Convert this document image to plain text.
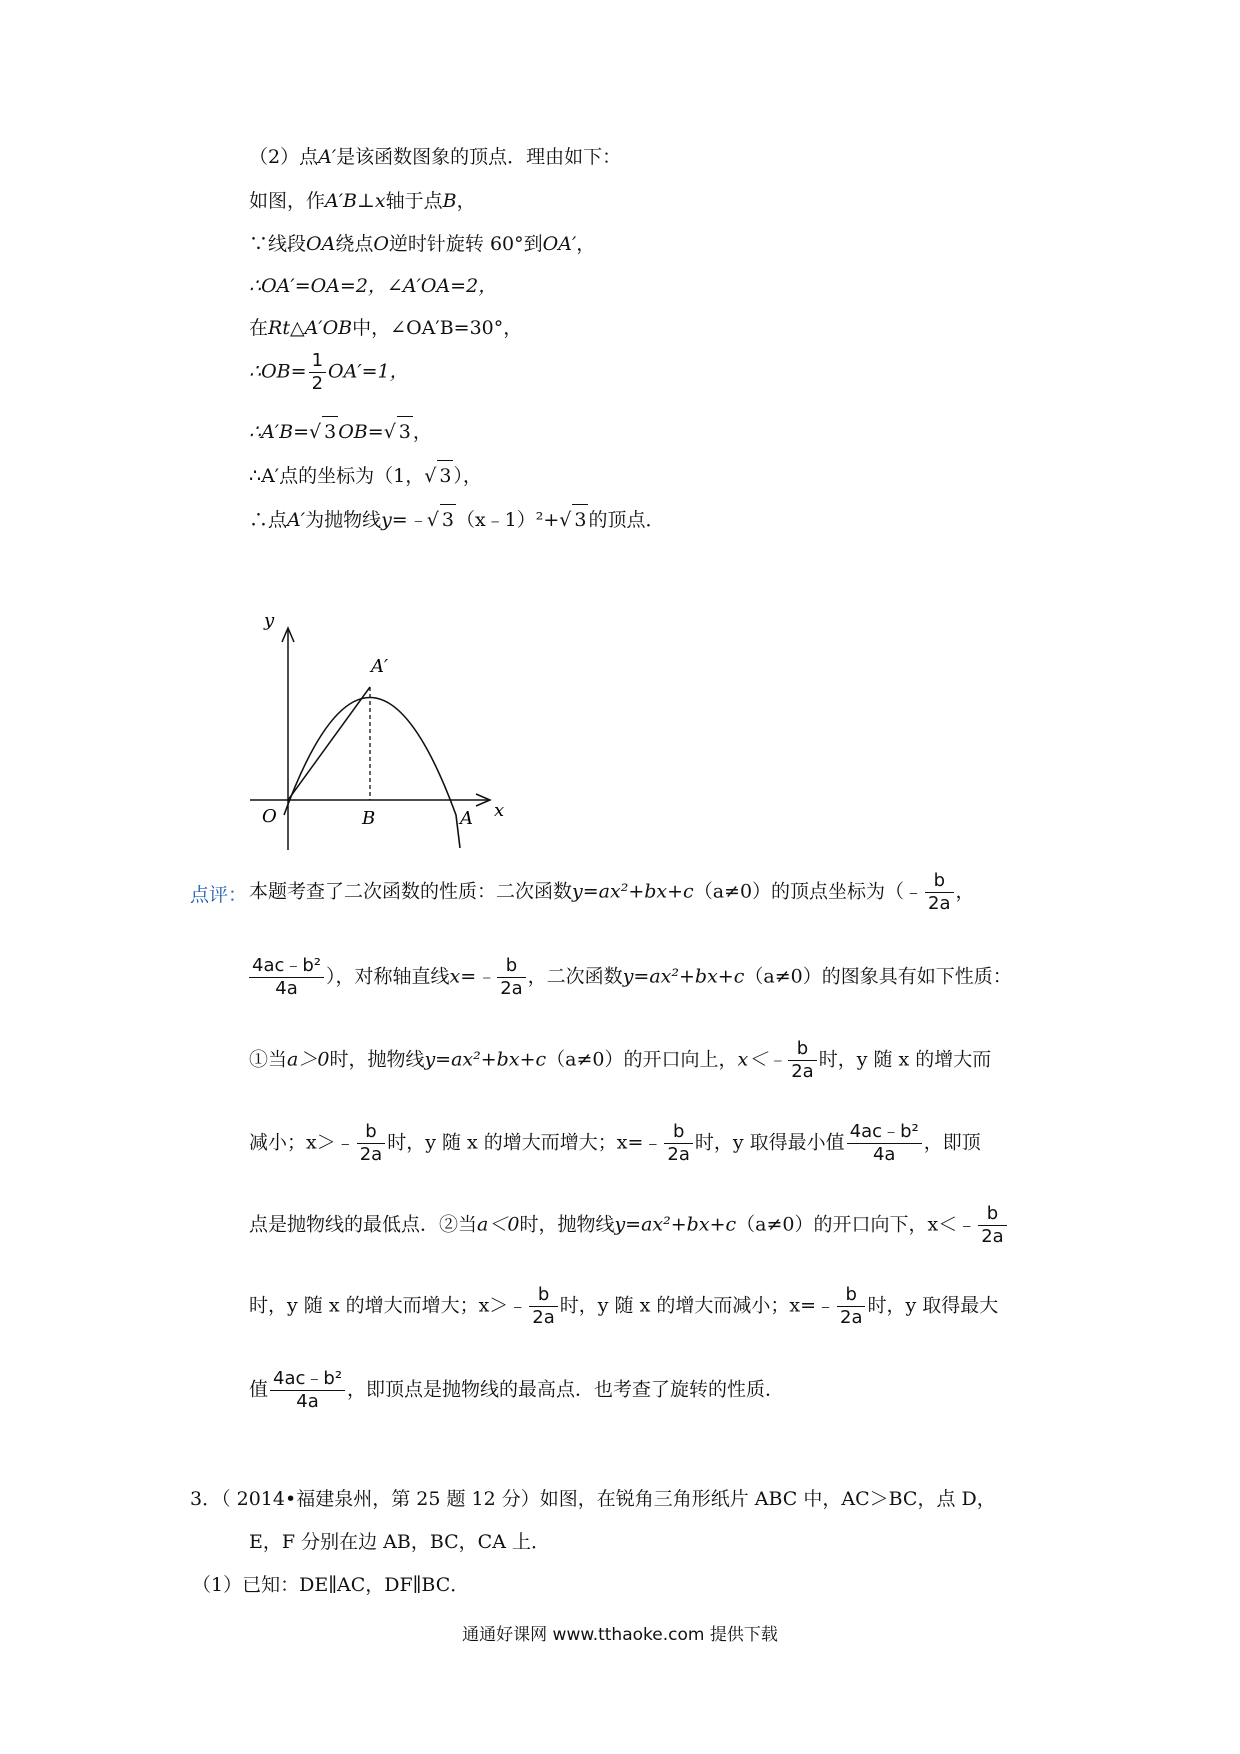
（2）点A′是该函数图象的顶点．理由如下：
如图，作A′B⊥x轴于点B，
∵线段OA绕点O逆时针旋转 60°到OA′，
∴OA′=OA=2，∠A′OA=2，
在Rt△A′OB中，∠OA′B=30°，
∴OB= $\frac{1}{2} OA'=1$，
∴A′B=√ 3 OB=√ 3 ，
∴A′点的坐标为（1，√ 3 ），
∴点A′为抛物线y=﹣√ 3 （x﹣1）²+√ 3 的顶点．
y
x
O
A′
B	A
点评： 本题考查了二次函数的性质：二次函数y=ax²+bx+c（a≠0）的顶点坐标为（﹣ $\frac{b}{2a}$ ，
$\frac{\text{4ac﹣b²}}{4a}$ ），对称轴直线x=﹣ $\frac{b}{2a}$ ，二次函数y=ax²+bx+c（a≠0）的图象具有如下性质：
①当a＞0时，抛物线y=ax²+bx+c（a≠0）的开口向上，x＜﹣ $\frac{b}{2a}$ 时，y 随 x 的增大而
减小；x＞﹣ $\frac{b}{2a}$ 时，y 随 x 的增大而增大；x=﹣ $\frac{b}{2a}$ 时，y 取得最小值 $\frac{\text{4ac﹣b²}}{4a}$ ，即顶
点是抛物线的最低点．②当a＜0时，抛物线y=ax²+bx+c（a≠0）的开口向下，x＜﹣ $\frac{b}{2a}$
时，y 随 x 的增大而增大；x＞﹣ $\frac{b}{2a}$ 时，y 随 x 的增大而减小；x=﹣ $\frac{b}{2a}$ 时，y 取得最大
值 $\frac{\text{4ac﹣b²}}{4a}$ ，即顶点是抛物线的最高点．也考查了旋转的性质．
3．（ 2014•福建泉州，第 25 题 12 分）如图，在锐角三角形纸片 ABC 中，AC＞BC，点 D，
E，F 分别在边 AB，BC，CA 上．
（1）已知：DE∥AC，DF∥BC．
通通好课网 www.tthaoke.com 提供下载
